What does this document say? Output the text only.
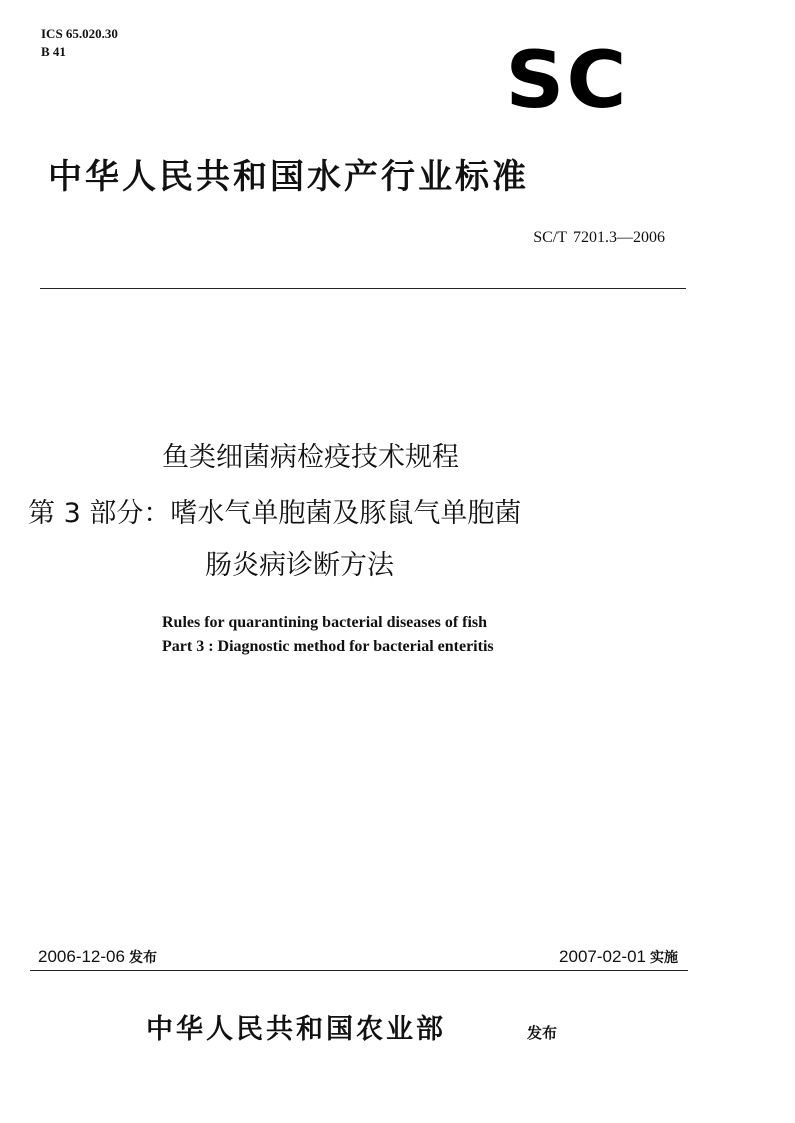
ICS 65.020.30
B 41	SC
中华人民共和国水产行业标准
SC/T 7201.3—2006
鱼类细菌病检疫技术规程
第 3 部分：嗜水气单胞菌及豚鼠气单胞菌
肠炎病诊断方法
Rules for quarantining bacterial diseases of fish
Part 3 : Diagnostic method for bacterial enteritis
2006-12-06 发布	2007-02-01 实施
中华人民共和国农业部	发布
